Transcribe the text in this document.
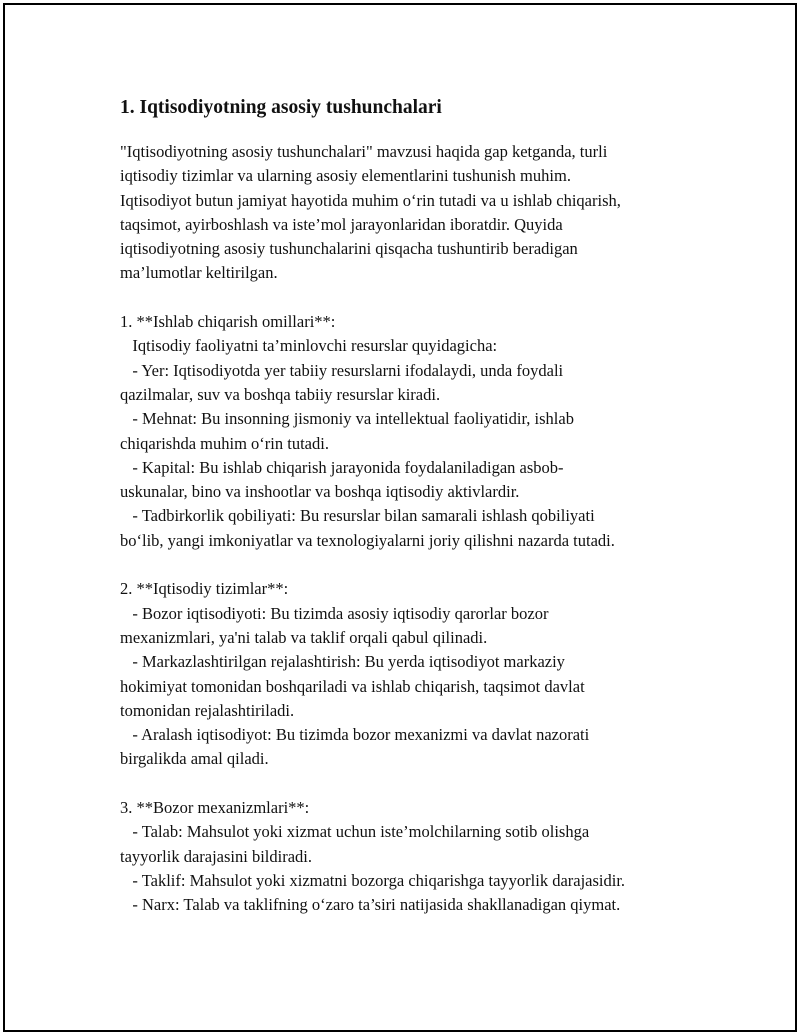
1. Iqtisodiyotning asosiy tushunchalari
"Iqtisodiyotning asosiy tushunchalari" mavzusi haqida gap ketganda, turli
iqtisodiy tizimlar va ularning asosiy elementlarini tushunish muhim.
Iqtisodiyot butun jamiyat hayotida muhim o‘rin tutadi va u ishlab chiqarish,
taqsimot, ayirboshlash va iste’mol jarayonlaridan iboratdir. Quyida
iqtisodiyotning asosiy tushunchalarini qisqacha tushuntirib beradigan
ma’lumotlar keltirilgan.
1. **Ishlab chiqarish omillari**:
Iqtisodiy faoliyatni ta’minlovchi resurslar quyidagicha:
- Yer: Iqtisodiyotda yer tabiiy resurslarni ifodalaydi, unda foydali
qazilmalar, suv va boshqa tabiiy resurslar kiradi.
- Mehnat: Bu insonning jismoniy va intellektual faoliyatidir, ishlab
chiqarishda muhim o‘rin tutadi.
- Kapital: Bu ishlab chiqarish jarayonida foydalaniladigan asbob-
uskunalar, bino va inshootlar va boshqa iqtisodiy aktivlardir.
- Tadbirkorlik qobiliyati: Bu resurslar bilan samarali ishlash qobiliyati
bo‘lib, yangi imkoniyatlar va texnologiyalarni joriy qilishni nazarda tutadi.
2. **Iqtisodiy tizimlar**:
- Bozor iqtisodiyoti: Bu tizimda asosiy iqtisodiy qarorlar bozor
mexanizmlari, ya'ni talab va taklif orqali qabul qilinadi.
- Markazlashtirilgan rejalashtirish: Bu yerda iqtisodiyot markaziy
hokimiyat tomonidan boshqariladi va ishlab chiqarish, taqsimot davlat
tomonidan rejalashtiriladi.
- Aralash iqtisodiyot: Bu tizimda bozor mexanizmi va davlat nazorati
birgalikda amal qiladi.
3. **Bozor mexanizmlari**:
- Talab: Mahsulot yoki xizmat uchun iste’molchilarning sotib olishga
tayyorlik darajasini bildiradi.
- Taklif: Mahsulot yoki xizmatni bozorga chiqarishga tayyorlik darajasidir.
- Narx: Talab va taklifning o‘zaro ta’siri natijasida shakllanadigan qiymat.
